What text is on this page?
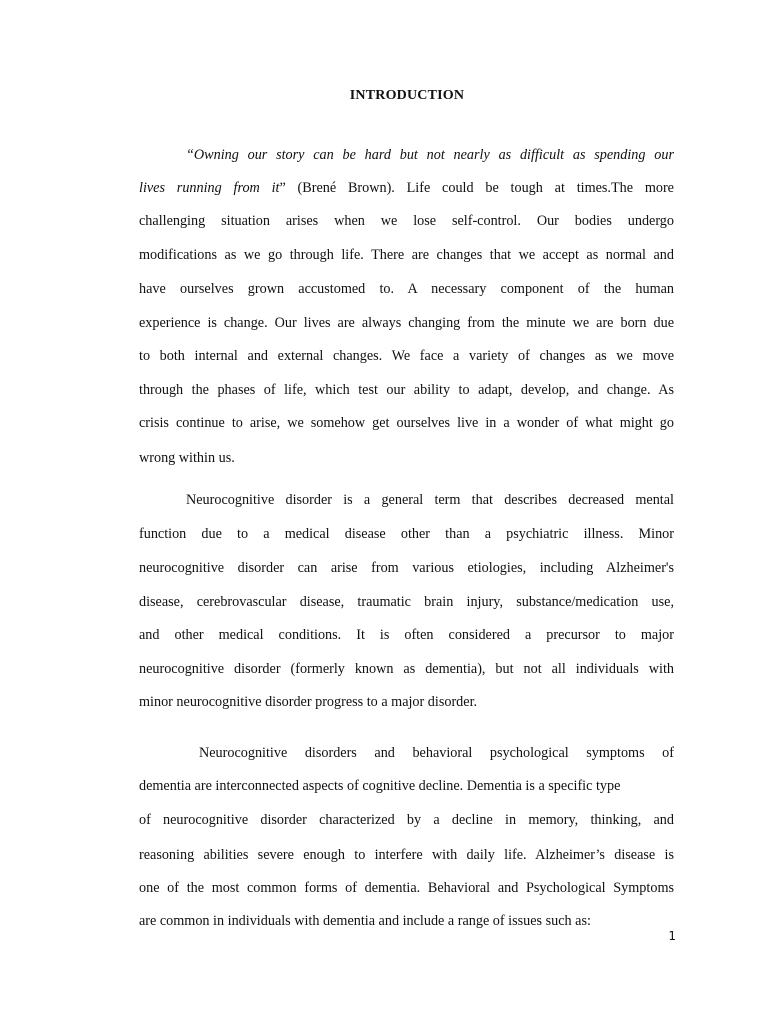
INTRODUCTION
“Owning our story can be hard but not nearly as difficult as spending our
lives running from it” (Brené Brown). Life could be tough at times.The more
challenging situation arises when we lose self-control. Our bodies undergo
modifications as we go through life. There are changes that we accept as normal and
have ourselves grown accustomed to. A necessary component of the human
experience is change. Our lives are always changing from the minute we are born due
to both internal and external changes. We face a variety of changes as we move
through the phases of life, which test our ability to adapt, develop, and change. As
crisis continue to arise, we somehow get ourselves live in a wonder of what might go
wrong within us.
Neurocognitive disorder is a general term that describes decreased mental
function due to a medical disease other than a psychiatric illness. Minor
neurocognitive disorder can arise from various etiologies, including Alzheimer's
disease, cerebrovascular disease, traumatic brain injury, substance/medication use,
and other medical conditions. It is often considered a precursor to major
neurocognitive disorder (formerly known as dementia), but not all individuals with
minor neurocognitive disorder progress to a major disorder.
Neurocognitive disorders and behavioral psychological symptoms of
dementia are interconnected aspects of cognitive decline. Dementia is a specific type
of neurocognitive disorder characterized by a decline in memory, thinking, and
reasoning abilities severe enough to interfere with daily life. Alzheimer’s disease is
one of the most common forms of dementia. Behavioral and Psychological Symptoms
are common in individuals with dementia and include a range of issues such as:
1
